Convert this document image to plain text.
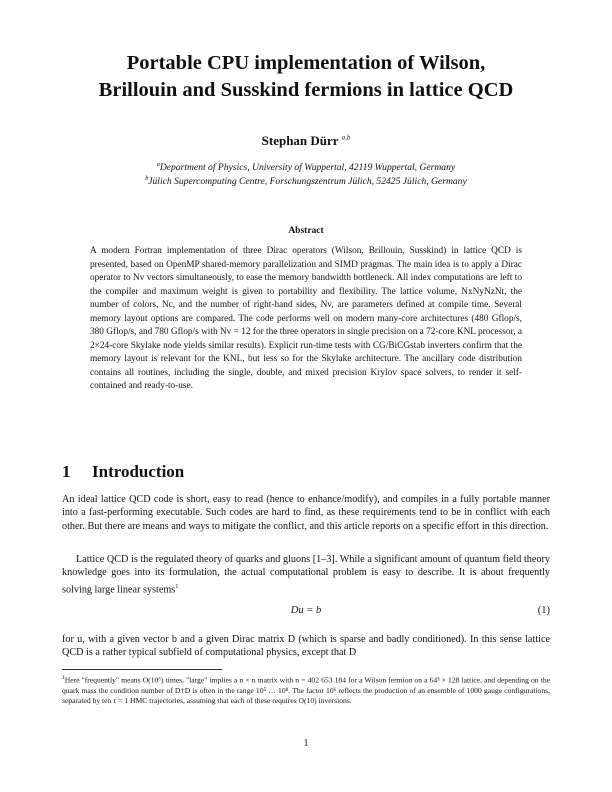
Portable CPU implementation of Wilson,
Brillouin and Susskind fermions in lattice QCD
Stephan Dürr $^{a,b}$
$^a$Department of Physics, University of Wuppertal, 42119 Wuppertal, Germany
$^b$Jülich Supercomputing Centre, Forschungszentrum Jülich, 52425 Jülich, Germany
Abstract
A modern Fortran implementation of three Dirac operators (Wilson, Brillouin, Susskind) in lattice QCD is presented, based on OpenMP shared-memory parallelization and SIMD pragmas. The main idea is to apply a Dirac operator to Nv vectors simultaneously, to ease the memory bandwidth bottleneck. All index computations are left to the compiler and maximum weight is given to portability and flexibility. The lattice volume, NxNyNzNt, the number of colors, Nc, and the number of right-hand sides, Nv, are parameters defined at compile time. Several memory layout options are compared. The code performs well on modern many-core architectures (480 Gflop/s, 380 Gflop/s, and 780 Gflop/s with Nv = 12 for the three operators in single precision on a 72-core KNL processor, a 2×24-core Skylake node yields similar results). Explicit run-time tests with CG/BiCGstab inverters confirm that the memory layout is relevant for the KNL, but less so for the Skylake architecture. The ancillary code distribution contains all routines, including the single, double, and mixed precision Krylov space solvers, to render it self-contained and ready-to-use.
1 Introduction
An ideal lattice QCD code is short, easy to read (hence to enhance/modify), and compiles in a fully portable manner into a fast-performing executable. Such codes are hard to find, as these requirements tend to be in conflict with each other. But there are means and ways to mitigate the conflict, and this article reports on a specific effort in this direction.
Lattice QCD is the regulated theory of quarks and gluons [1–3]. While a significant amount of quantum field theory knowledge goes into its formulation, the actual computational problem is easy to describe. It is about frequently solving large linear systems$^1$
Du = b	(1)
for u, with a given vector b and a given Dirac matrix D (which is sparse and badly conditioned). In this sense lattice QCD is a rather typical subfield of computational physics, except that D
$^1$Here "frequently" means O(10⁶) times, "large" implies a n × n matrix with n = 402 653 184 for a Wilson fermion on a 64³ × 128 lattice, and depending on the quark mass the condition number of D†D is often in the range 10⁵ … 10⁸. The factor 10⁶ reflects the production of an ensemble of 1000 gauge configurations, separated by ten τ = 1 HMC trajectories, assuming that each of these requires O(10) inversions.
1
